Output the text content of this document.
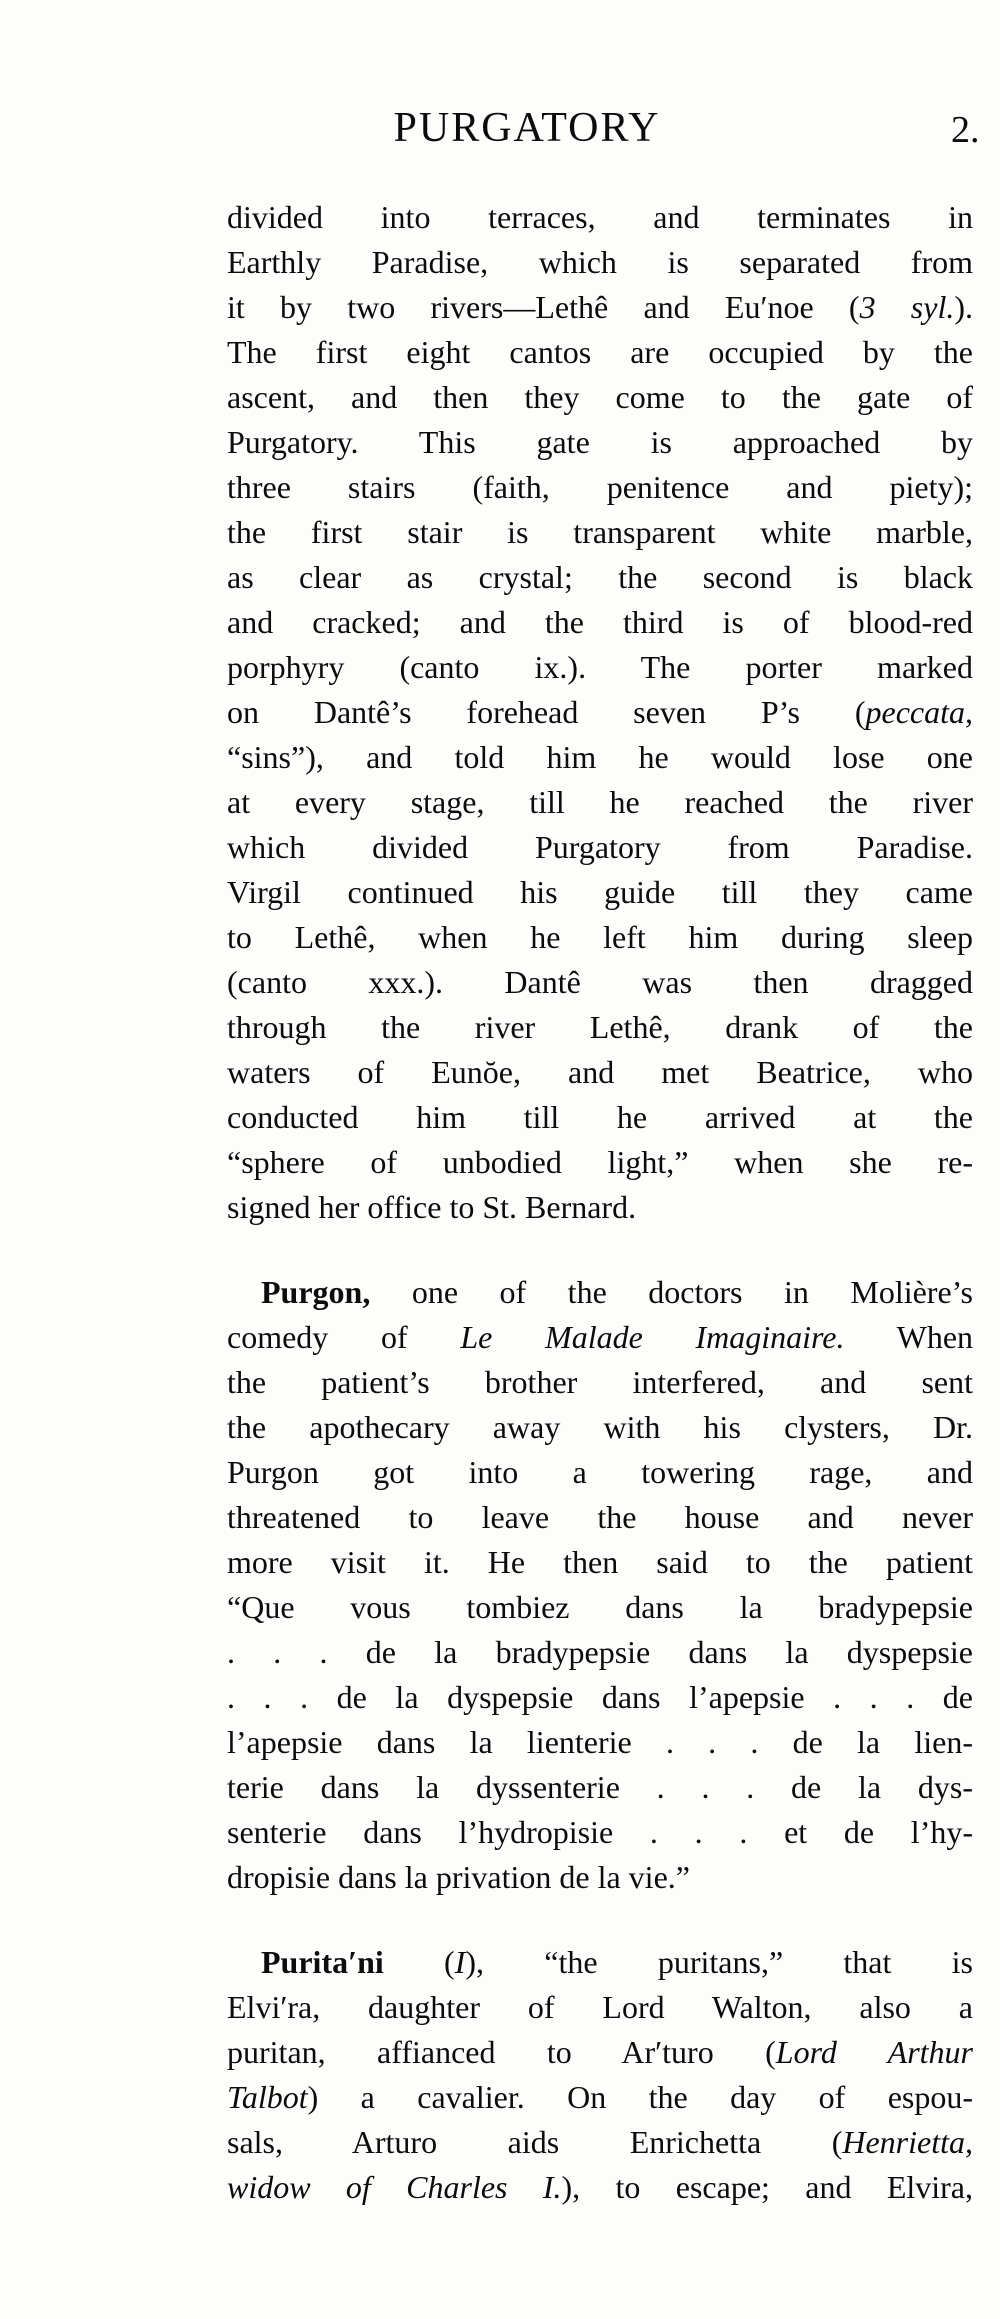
PURGATORY	2.
divided into terraces, and terminates in
Earthly Paradise, which is separated from
it by two rivers—Lethê and Eu′noe (3 syl.).
The first eight cantos are occupied by the
ascent, and then they come to the gate of
Purgatory. This gate is approached by
three stairs (faith, penitence and piety);
the first stair is transparent white marble,
as clear as crystal; the second is black
and cracked; and the third is of blood-red
porphyry (canto ix.). The porter marked
on Dantê’s forehead seven P’s (peccata,
“sins”), and told him he would lose one
at every stage, till he reached the river
which divided Purgatory from Paradise.
Virgil continued his guide till they came
to Lethê, when he left him during sleep
(canto xxx.). Dantê was then dragged
through the river Lethê, drank of the
waters of Eunŏe, and met Beatrice, who
conducted him till he arrived at the
“sphere of unbodied light,” when she re-
signed her office to St. Bernard.
Purgon, one of the doctors in Molière’s
comedy of Le Malade Imaginaire. When
the patient’s brother interfered, and sent
the apothecary away with his clysters, Dr.
Purgon got into a towering rage, and
threatened to leave the house and never
more visit it. He then said to the patient
“Que vous tombiez dans la bradypepsie
. . . de la bradypepsie dans la dyspepsie
. . . de la dyspepsie dans l’apepsie . . . de
l’apepsie dans la lienterie . . . de la lien-
terie dans la dyssenterie . . . de la dys-
senterie dans l’hydropisie . . . et de l’hy-
dropisie dans la privation de la vie.”
Purita′ni (I), “the puritans,” that is
Elvi′ra, daughter of Lord Walton, also a
puritan, affianced to Ar′turo (Lord Arthur
Talbot) a cavalier. On the day of espou-
sals, Arturo aids Enrichetta (Henrietta,
widow of Charles I.), to escape; and Elvira,
